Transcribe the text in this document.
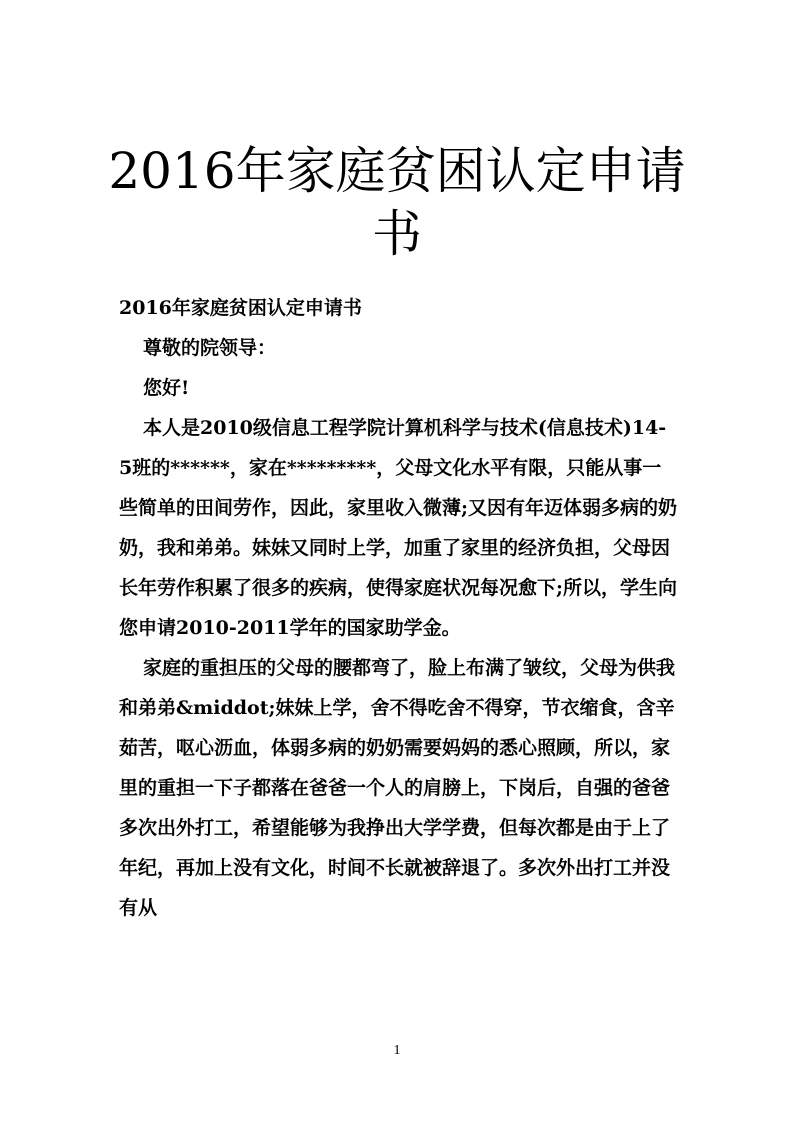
2016年家庭贫困认定申请书

2016年家庭贫困认定申请书

尊敬的院领导：

您好!

本人是2010级信息工程学院计算机科学与技术(信息技术)14-5班的******，家在*********，父母文化水平有限，只能从事一些简单的田间劳作，因此，家里收入微薄;又因有年迈体弱多病的奶奶，我和弟弟。妹妹又同时上学，加重了家里的经济负担，父母因长年劳作积累了很多的疾病，使得家庭状况每况愈下;所以，学生向您申请2010-2011学年的国家助学金。

家庭的重担压的父母的腰都弯了，脸上布满了皱纹，父母为供我和弟弟&middot;妹妹上学，舍不得吃舍不得穿，节衣缩食，含辛茹苦，呕心沥血，体弱多病的奶奶需要妈妈的悉心照顾，所以，家里的重担一下子都落在爸爸一个人的肩膀上，下岗后，自强的爸爸多次出外打工，希望能够为我挣出大学学费，但每次都是由于上了年纪，再加上没有文化，时间不长就被辞退了。多次外出打工并没有从

1
